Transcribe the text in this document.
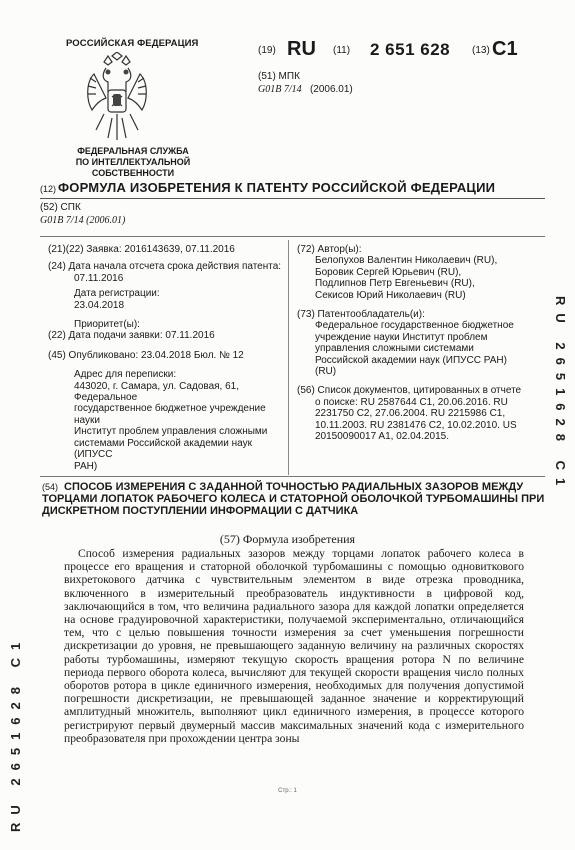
РОССИЙСКАЯ ФЕДЕРАЦИЯ
ФЕДЕРАЛЬНАЯ СЛУЖБА
ПО ИНТЕЛЛЕКТУАЛЬНОЙ СОБСТВЕННОСТИ
(19) RU (11) 2 651 628 (13) C1
(51) МПК
G01B 7/14 (2006.01)
(12) ФОРМУЛА ИЗОБРЕТЕНИЯ К ПАТЕНТУ РОССИЙСКОЙ ФЕДЕРАЦИИ
(52) СПК
G01B 7/14 (2006.01)
(21)(22) Заявка: 2016143639, 07.11.2016
(24) Дата начала отсчета срока действия патента:
07.11.2016
Дата регистрации:
23.04.2018
Приоритет(ы):
(22) Дата подачи заявки: 07.11.2016
(45) Опубликовано: 23.04.2018 Бюл. № 12
Адрес для переписки:
443020, г. Самара, ул. Садовая, 61, Федеральное
государственное бюджетное учреждение науки
Институт проблем управления сложными
системами Российской академии наук (ИПУСС
РАН)
(72) Автор(ы):
Белопухов Валентин Николаевич (RU),
Боровик Сергей Юрьевич (RU),
Подлипнов Петр Евгеньевич (RU),
Секисов Юрий Николаевич (RU)
(73) Патентообладатель(и):
Федеральное государственное бюджетное
учреждение науки Институт проблем
управления сложными системами
Российской академии наук (ИПУСС РАН)
(RU)
(56) Список документов, цитированных в отчете
о поиске: RU 2587644 C1, 20.06.2016. RU
2231750 C2, 27.06.2004. RU 2215986 C1,
10.11.2003. RU 2381476 C2, 10.02.2010. US
20150090017 A1, 02.04.2015.
(54) СПОСОБ ИЗМЕРЕНИЯ С ЗАДАННОЙ ТОЧНОСТЬЮ РАДИАЛЬНЫХ ЗАЗОРОВ МЕЖДУ ТОРЦАМИ ЛОПАТОК РАБОЧЕГО КОЛЕСА И СТАТОРНОЙ ОБОЛОЧКОЙ ТУРБОМАШИНЫ ПРИ ДИСКРЕТНОМ ПОСТУПЛЕНИИ ИНФОРМАЦИИ С ДАТЧИКА
(57) Формула изобретения

Способ измерения радиальных зазоров между торцами лопаток рабочего колеса в процессе его вращения и статорной оболочкой турбомашины с помощью одновиткового вихретокового датчика с чувствительным элементом в виде отрезка проводника, включенного в измерительный преобразователь индуктивности в цифровой код, заключающийся в том, что величина радиального зазора для каждой лопатки определяется на основе градуировочной характеристики, получаемой экспериментально, отличающийся тем, что с целью повышения точности измерения за счет уменьшения погрешности дискретизации до уровня, не превышающего заданную величину на различных скоростях работы турбомашины, измеряют текущую скорость вращения ротора N по величине периода первого оборота колеса, вычисляют для текущей скорости вращения число полных оборотов ротора в цикле единичного измерения, необходимых для получения допустимой погрешности дискретизации, не превышающей заданное значение и корректирующий амплитудный множитель, выполняют цикл единичного измерения, в процессе которого регистрируют первый двумерный массив максимальных значений кода с измерительного преобразователя при прохождении центра зоны

Стр.: 1
RU 2651628 C1
RU 2651628 C1
